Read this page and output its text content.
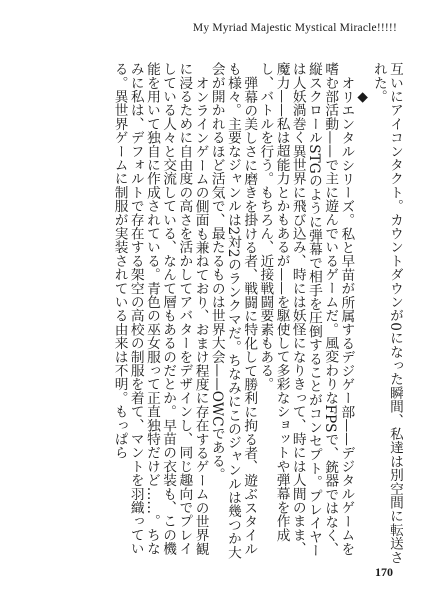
My Myriad Majestic Mystical Miracle!!!!!

互いにアイコンタクト。カウントダウンが0になった瞬間、私達は別空間に転送された。

◆

オリエンタルシリーズ。私と早苗が所属するデジゲー部——デジタルゲームを嗜む部活動——で主に遊んでいるゲームだ。風変わりなFPSで、銃器ではなく、縦スクロールSTGのように弾幕で相手を圧倒することがコンセプト。プレイヤーは人妖渦巻く異世界に飛び込み、時には妖怪になりきって、時には人間のまま、魔力——私は超能力とかもあるが——を駆使して多彩なショットや弾幕を作成し、バトルを行う。もちろん、近接戦闘要素もある。

弾幕の美しさに磨きを掛ける者、戦闘に特化して勝利に拘る者、遊ぶスタイルも様々。主要なジャンルは2対2のランクマだ。ちなみにこのジャンルは幾つか大会が開かれるほど活気で、最たるものは世界大会——OWCである。

オンラインゲームの側面も兼ねており、おまけ程度に存在するゲームの世界観に浸るために自由度の高さを活かしてアバターをデザインし、同じ趣向でプレイしている人々と交流している、なんて層もあるのだとか。早苗の衣装も、この機能を用いて独自に作成されている。青色の巫女服って正直独特だけど……。ちなみに私は、デフォルトで存在する架空の高校の制服を着て、マントを羽織っている。異世界ゲームに制服が実装されている由来は不明。もっぱら

170
